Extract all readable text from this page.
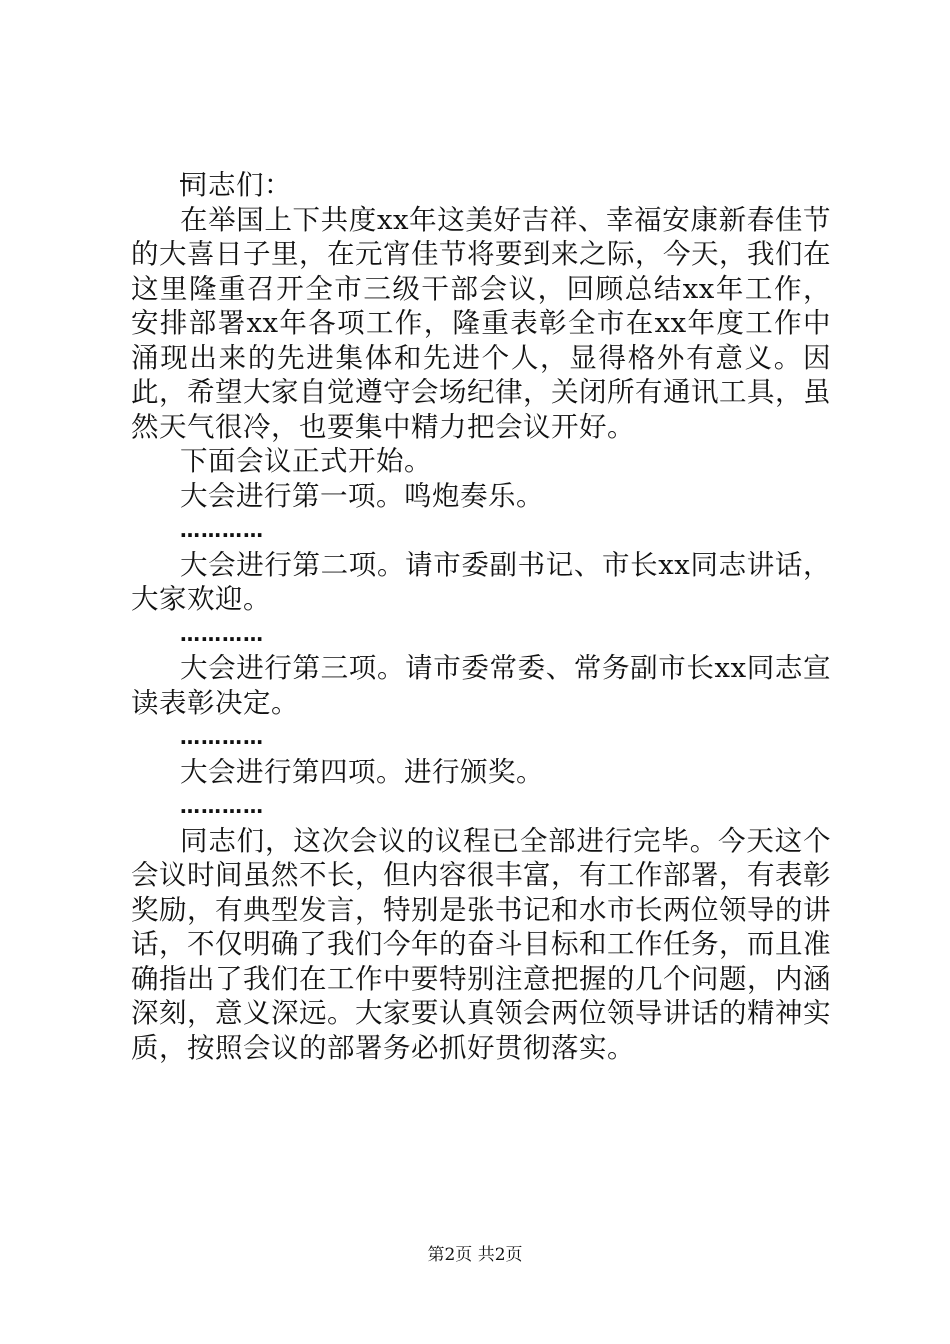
同志们：

在举国上下共度xx年这美好吉祥、幸福安康新春佳节的大喜日子里，在元宵佳节将要到来之际，今天，我们在这里隆重召开全市三级干部会议，回顾总结xx年工作，安排部署xx年各项工作，隆重表彰全市在xx年度工作中涌现出来的先进集体和先进个人，显得格外有意义。因此，希望大家自觉遵守会场纪律，关闭所有通讯工具，虽然天气很冷，也要集中精力把会议开好。

下面会议正式开始。

大会进行第一项。鸣炮奏乐。

…………

大会进行第二项。请市委副书记、市长xx同志讲话，大家欢迎。

…………

大会进行第三项。请市委常委、常务副市长xx同志宣读表彰决定。

…………

大会进行第四项。进行颁奖。

…………

同志们，这次会议的议程已全部进行完毕。今天这个会议时间虽然不长，但内容很丰富，有工作部署，有表彰奖励，有典型发言，特别是张书记和水市长两位领导的讲话，不仅明确了我们今年的奋斗目标和工作任务，而且准确指出了我们在工作中要特别注意把握的几个问题，内涵深刻，意义深远。大家要认真领会两位领导讲话的精神实质，按照会议的部署务必抓好贯彻落实。

第2页 共2页
